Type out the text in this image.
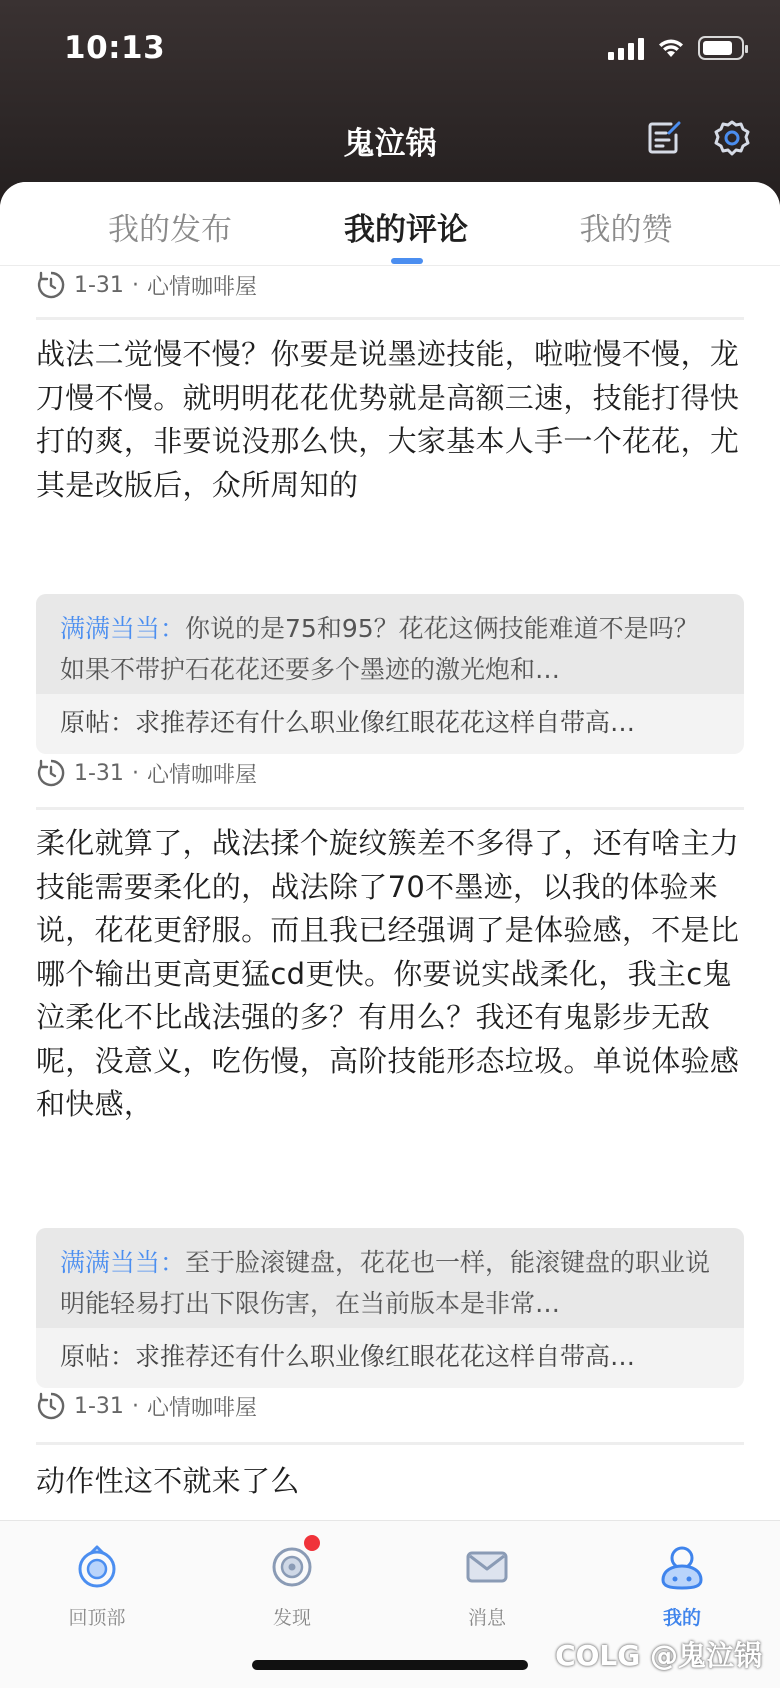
10:13
鬼泣锅
我的发布	我的评论	我的赞
1-31 · 心情咖啡屋
战法二觉慢不慢？你要是说墨迹技能，啦啦慢不慢，龙刀慢不慢。就明明花花优势就是高额三速，技能打得快打的爽，非要说没那么快，大家基本人手一个花花，尤其是改版后，众所周知的
满满当当：你说的是75和95？花花这俩技能难道不是吗？如果不带护石花花还要多个墨迹的激光炮和…
原帖：求推荐还有什么职业像红眼花花这样自带高…
1-31 · 心情咖啡屋
柔化就算了，战法揉个旋纹簇差不多得了，还有啥主力技能需要柔化的，战法除了70不墨迹，以我的体验来说，花花更舒服。而且我已经强调了是体验感，不是比哪个输出更高更猛cd更快。你要说实战柔化，我主c鬼泣柔化不比战法强的多？有用么？我还有鬼影步无敌呢，没意义，吃伤慢，高阶技能形态垃圾。单说体验感和快感，
满满当当：至于脸滚键盘，花花也一样，能滚键盘的职业说明能轻易打出下限伤害，在当前版本是非常…
原帖：求推荐还有什么职业像红眼花花这样自带高…
1-31 · 心情咖啡屋
动作性这不就来了么
回顶部	发现	消息	我的
COLG @鬼泣锅
